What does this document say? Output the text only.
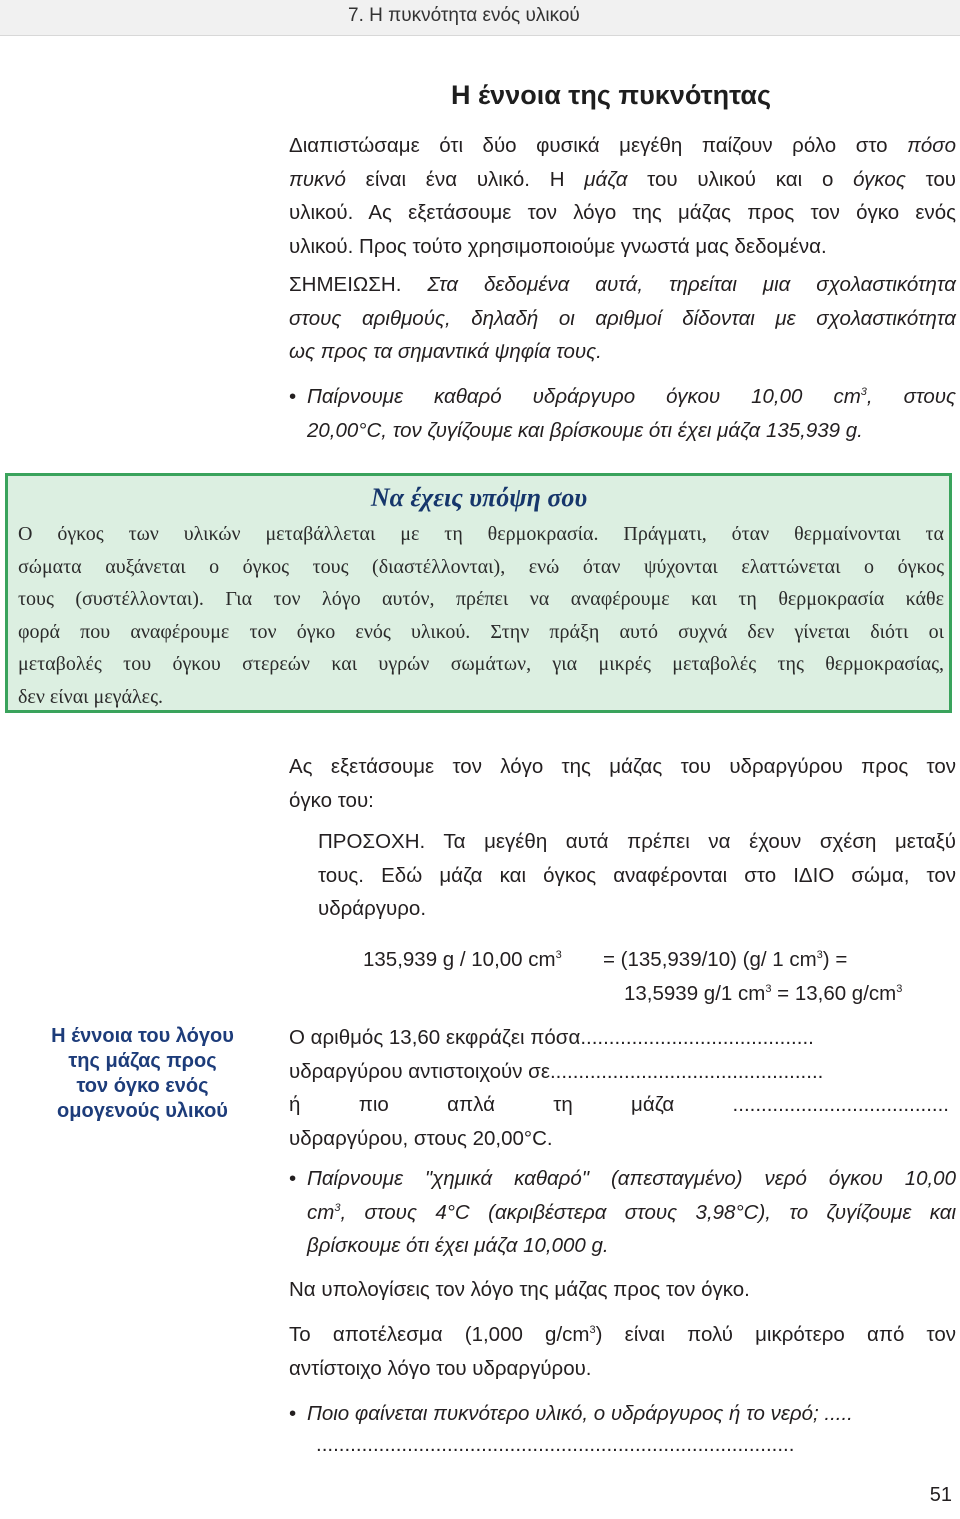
7. Η πυκνότητα ενός υλικού
Η έννοια της πυκνότητας
Διαπιστώσαμε ότι δύο φυσικά μεγέθη παίζουν ρόλο στο πόσο
πυκνό είναι ένα υλικό. Η μάζα του υλικού και ο όγκος του
υλικού. Ας εξετάσουμε τον λόγο της μάζας προς τον όγκο ενός
υλικού. Προς τούτο χρησιμοποιούμε γνωστά μας δεδομένα.
ΣΗΜΕΙΩΣΗ. Στα δεδομένα αυτά, τηρείται μια σχολαστικότητα
στους αριθμούς, δηλαδή οι αριθμοί δίδονται με σχολαστικότητα
ως προς τα σημαντικά ψηφία τους.
• Παίρνουμε καθαρό υδράργυρο όγκου 10,00 $cm^3$, στους
20,00°C, τον ζυγίζουμε και βρίσκουμε ότι έχει μάζα 135,939 g.
Να έχεις υπόψη σου
Ο όγκος των υλικών μεταβάλλεται με τη θερμοκρασία. Πράγματι, όταν θερμαίνονται τα
σώματα αυξάνεται ο όγκος τους (διαστέλλονται), ενώ όταν ψύχονται ελαττώνεται ο όγκος
τους (συστέλλονται). Για τον λόγο αυτόν, πρέπει να αναφέρουμε και τη θερμοκρασία κάθε
φορά που αναφέρουμε τον όγκο ενός υλικού. Στην πράξη αυτό συχνά δεν γίνεται διότι οι
μεταβολές του όγκου στερεών και υγρών σωμάτων, για μικρές μεταβολές της θερμοκρασίας,
δεν είναι μεγάλες.
Ας εξετάσουμε τον λόγο της μάζας του υδραργύρου προς τον
όγκο του:
ΠΡΟΣΟΧΗ. Τα μεγέθη αυτά πρέπει να έχουν σχέση μεταξύ
τους. Εδώ μάζα και όγκος αναφέρονται στο ΙΔΙΟ σώμα, τον
υδράργυρο.
135,939 g / 10,00 $cm^3 = (135,939/10)$ (g/ 1 $cm^3$) =
13,5939 g/1 $cm^3 = 13,60$ $g/cm^3$
Η έννοια του λόγου
της μάζας προς
τον όγκο ενός
ομογενούς υλικού
Ο αριθμός 13,60 εκφράζει πόσα.........................................
υδραργύρου αντιστοιχούν σε................................................
ή πιο απλά τη μάζα ......................................
υδραργύρου, στους 20,00°C.
• Παίρνουμε "χημικά καθαρό" (απεσταγμένο) νερό όγκου 10,00
$cm^3$, στους 4°C (ακριβέστερα στους 3,98°C), το ζυγίζουμε και
βρίσκουμε ότι έχει μάζα 10,000 g.
Να υπολογίσεις τον λόγο της μάζας προς τον όγκο.
Το αποτέλεσμα (1,000 $g/cm^3$) είναι πολύ μικρότερο από τον
αντίστοιχο λόγο του υδραργύρου.
• Ποιο φαίνεται πυκνότερο υλικό, ο υδράργυρος ή το νερό; .....
....................................................................................
51
